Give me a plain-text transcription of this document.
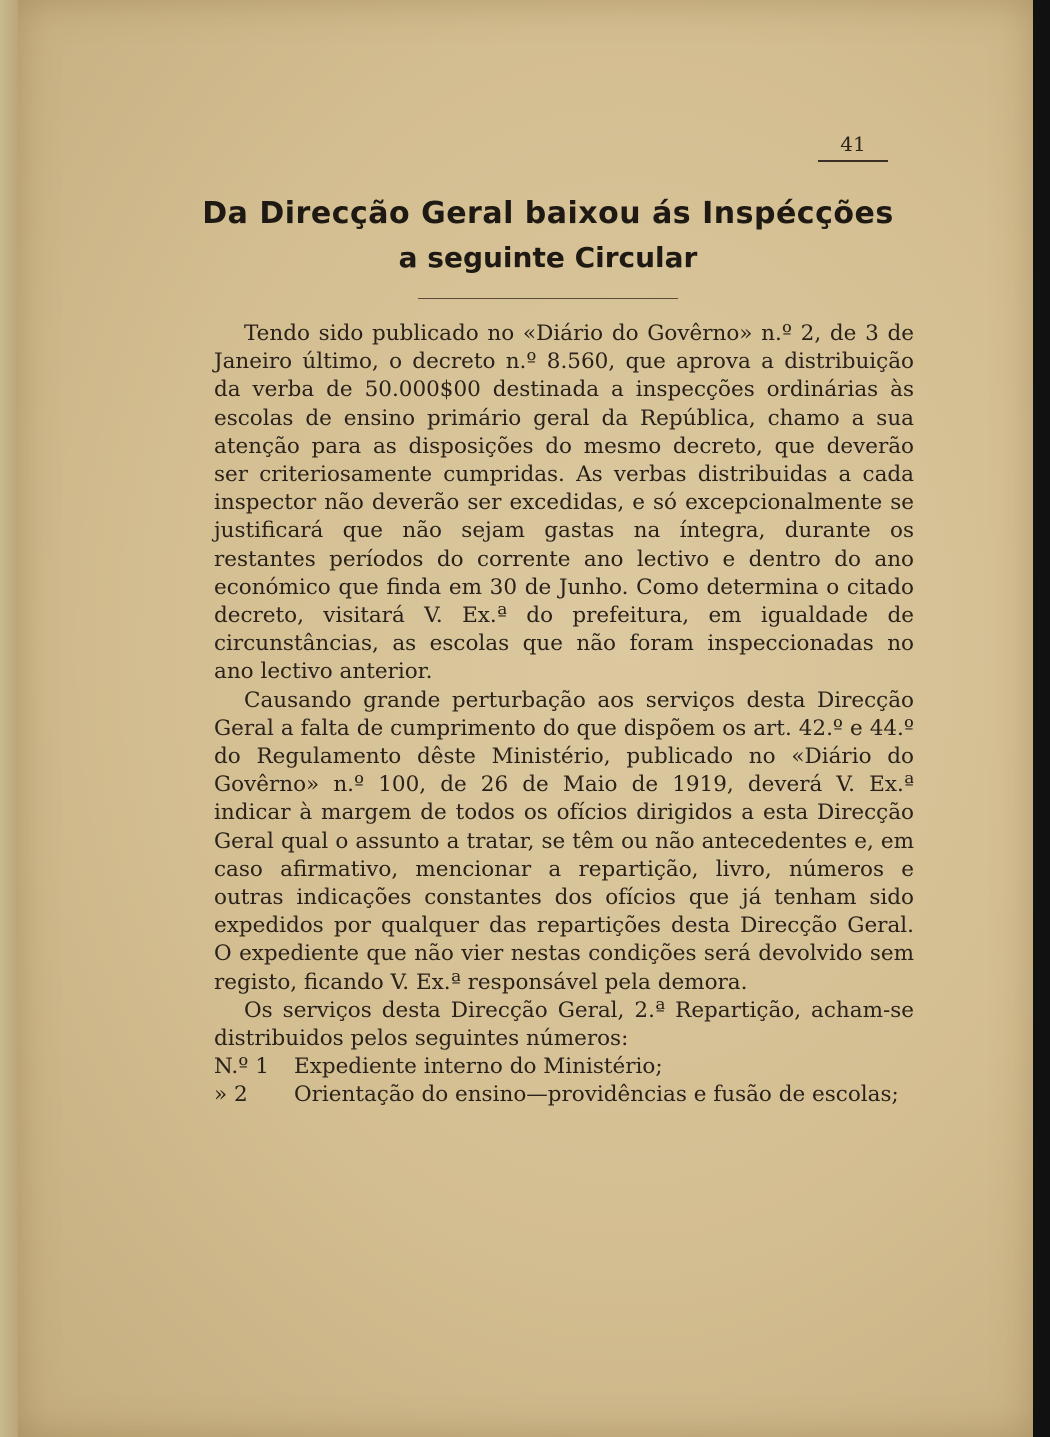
41
Da Direcção Geral baixou ás Inspécções
a seguinte Circular

Tendo sido publicado no «Diário do Govêrno» n.º 2, de 3 de Janeiro último, o decreto n.º 8.560, que aprova a distribuição da verba de 50.000$00 destinada a inspecções ordinárias às escolas de ensino primário geral da República, chamo a sua atenção para as disposições do mesmo decreto, que deverão ser criteriosamente cumpridas. As verbas distribuidas a cada inspector não deverão ser excedidas, e só excepcionalmente se justificará que não sejam gastas na íntegra, durante os restantes períodos do corrente ano lectivo e dentro do ano económico que finda em 30 de Junho. Como determina o citado decreto, visitará V. Ex.ª do prefeitura, em igualdade de circunstâncias, as escolas que não foram inspeccionadas no ano lectivo anterior.

Causando grande perturbação aos serviços desta Direcção Geral a falta de cumprimento do que dispõem os art. 42.º e 44.º do Regulamento dêste Ministério, publicado no «Diário do Govêrno» n.º 100, de 26 de Maio de 1919, deverá V. Ex.ª indicar à margem de todos os ofícios dirigidos a esta Direcção Geral qual o assunto a tratar, se têm ou não antecedentes e, em caso afirmativo, mencionar a repartição, livro, números e outras indicações constantes dos ofícios que já tenham sido expedidos por qualquer das repartições desta Direcção Geral. O expediente que não vier nestas condições será devolvido sem registo, ficando V. Ex.ª responsável pela demora.

Os serviços desta Direcção Geral, 2.ª Repartição, acham-se distribuidos pelos seguintes números:

N.º 1 Expediente interno do Ministério;
» 2 Orientação do ensino—providências e fusão de escolas;
